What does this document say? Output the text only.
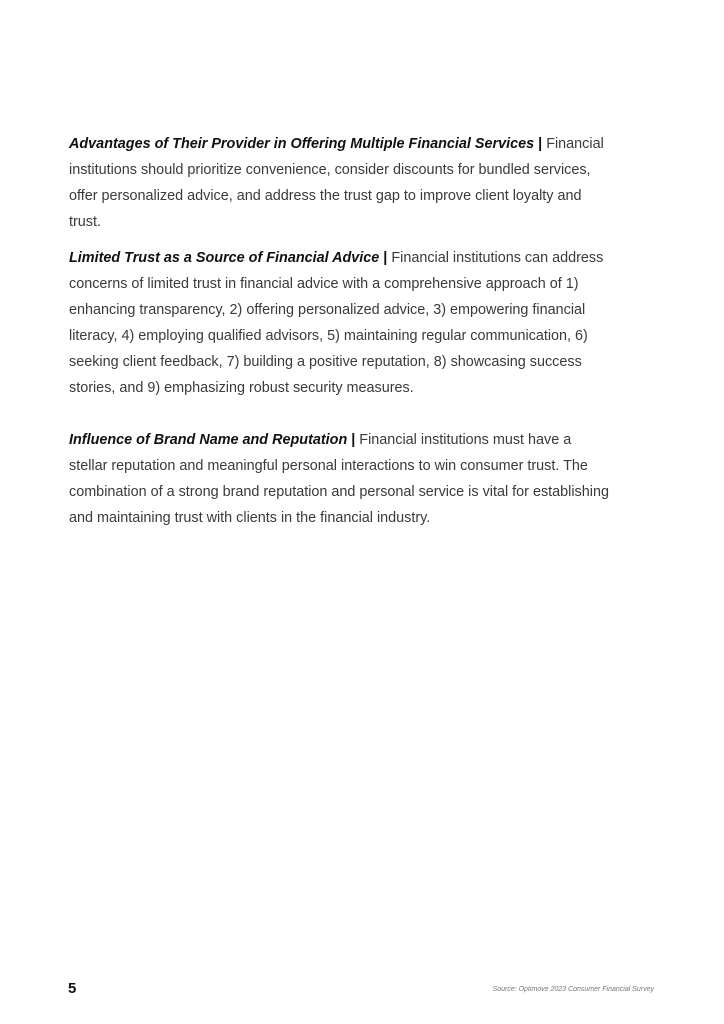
Advantages of Their Provider in Offering Multiple Financial Services | Financial institutions should prioritize convenience, consider discounts for bundled services, offer personalized advice, and address the trust gap to improve client loyalty and trust.

Limited Trust as a Source of Financial Advice | Financial institutions can address concerns of limited trust in financial advice with a comprehensive approach of 1) enhancing transparency, 2) offering personalized advice, 3) empowering financial literacy, 4) employing qualified advisors, 5) maintaining regular communication, 6) seeking client feedback, 7) building a positive reputation, 8) showcasing success stories, and 9) emphasizing robust security measures.

Influence of Brand Name and Reputation | Financial institutions must have a stellar reputation and meaningful personal interactions to win consumer trust. The combination of a strong brand reputation and personal service is vital for establishing and maintaining trust with clients in the financial industry.

5	Source: Optimove 2023 Consumer Financial Survey
